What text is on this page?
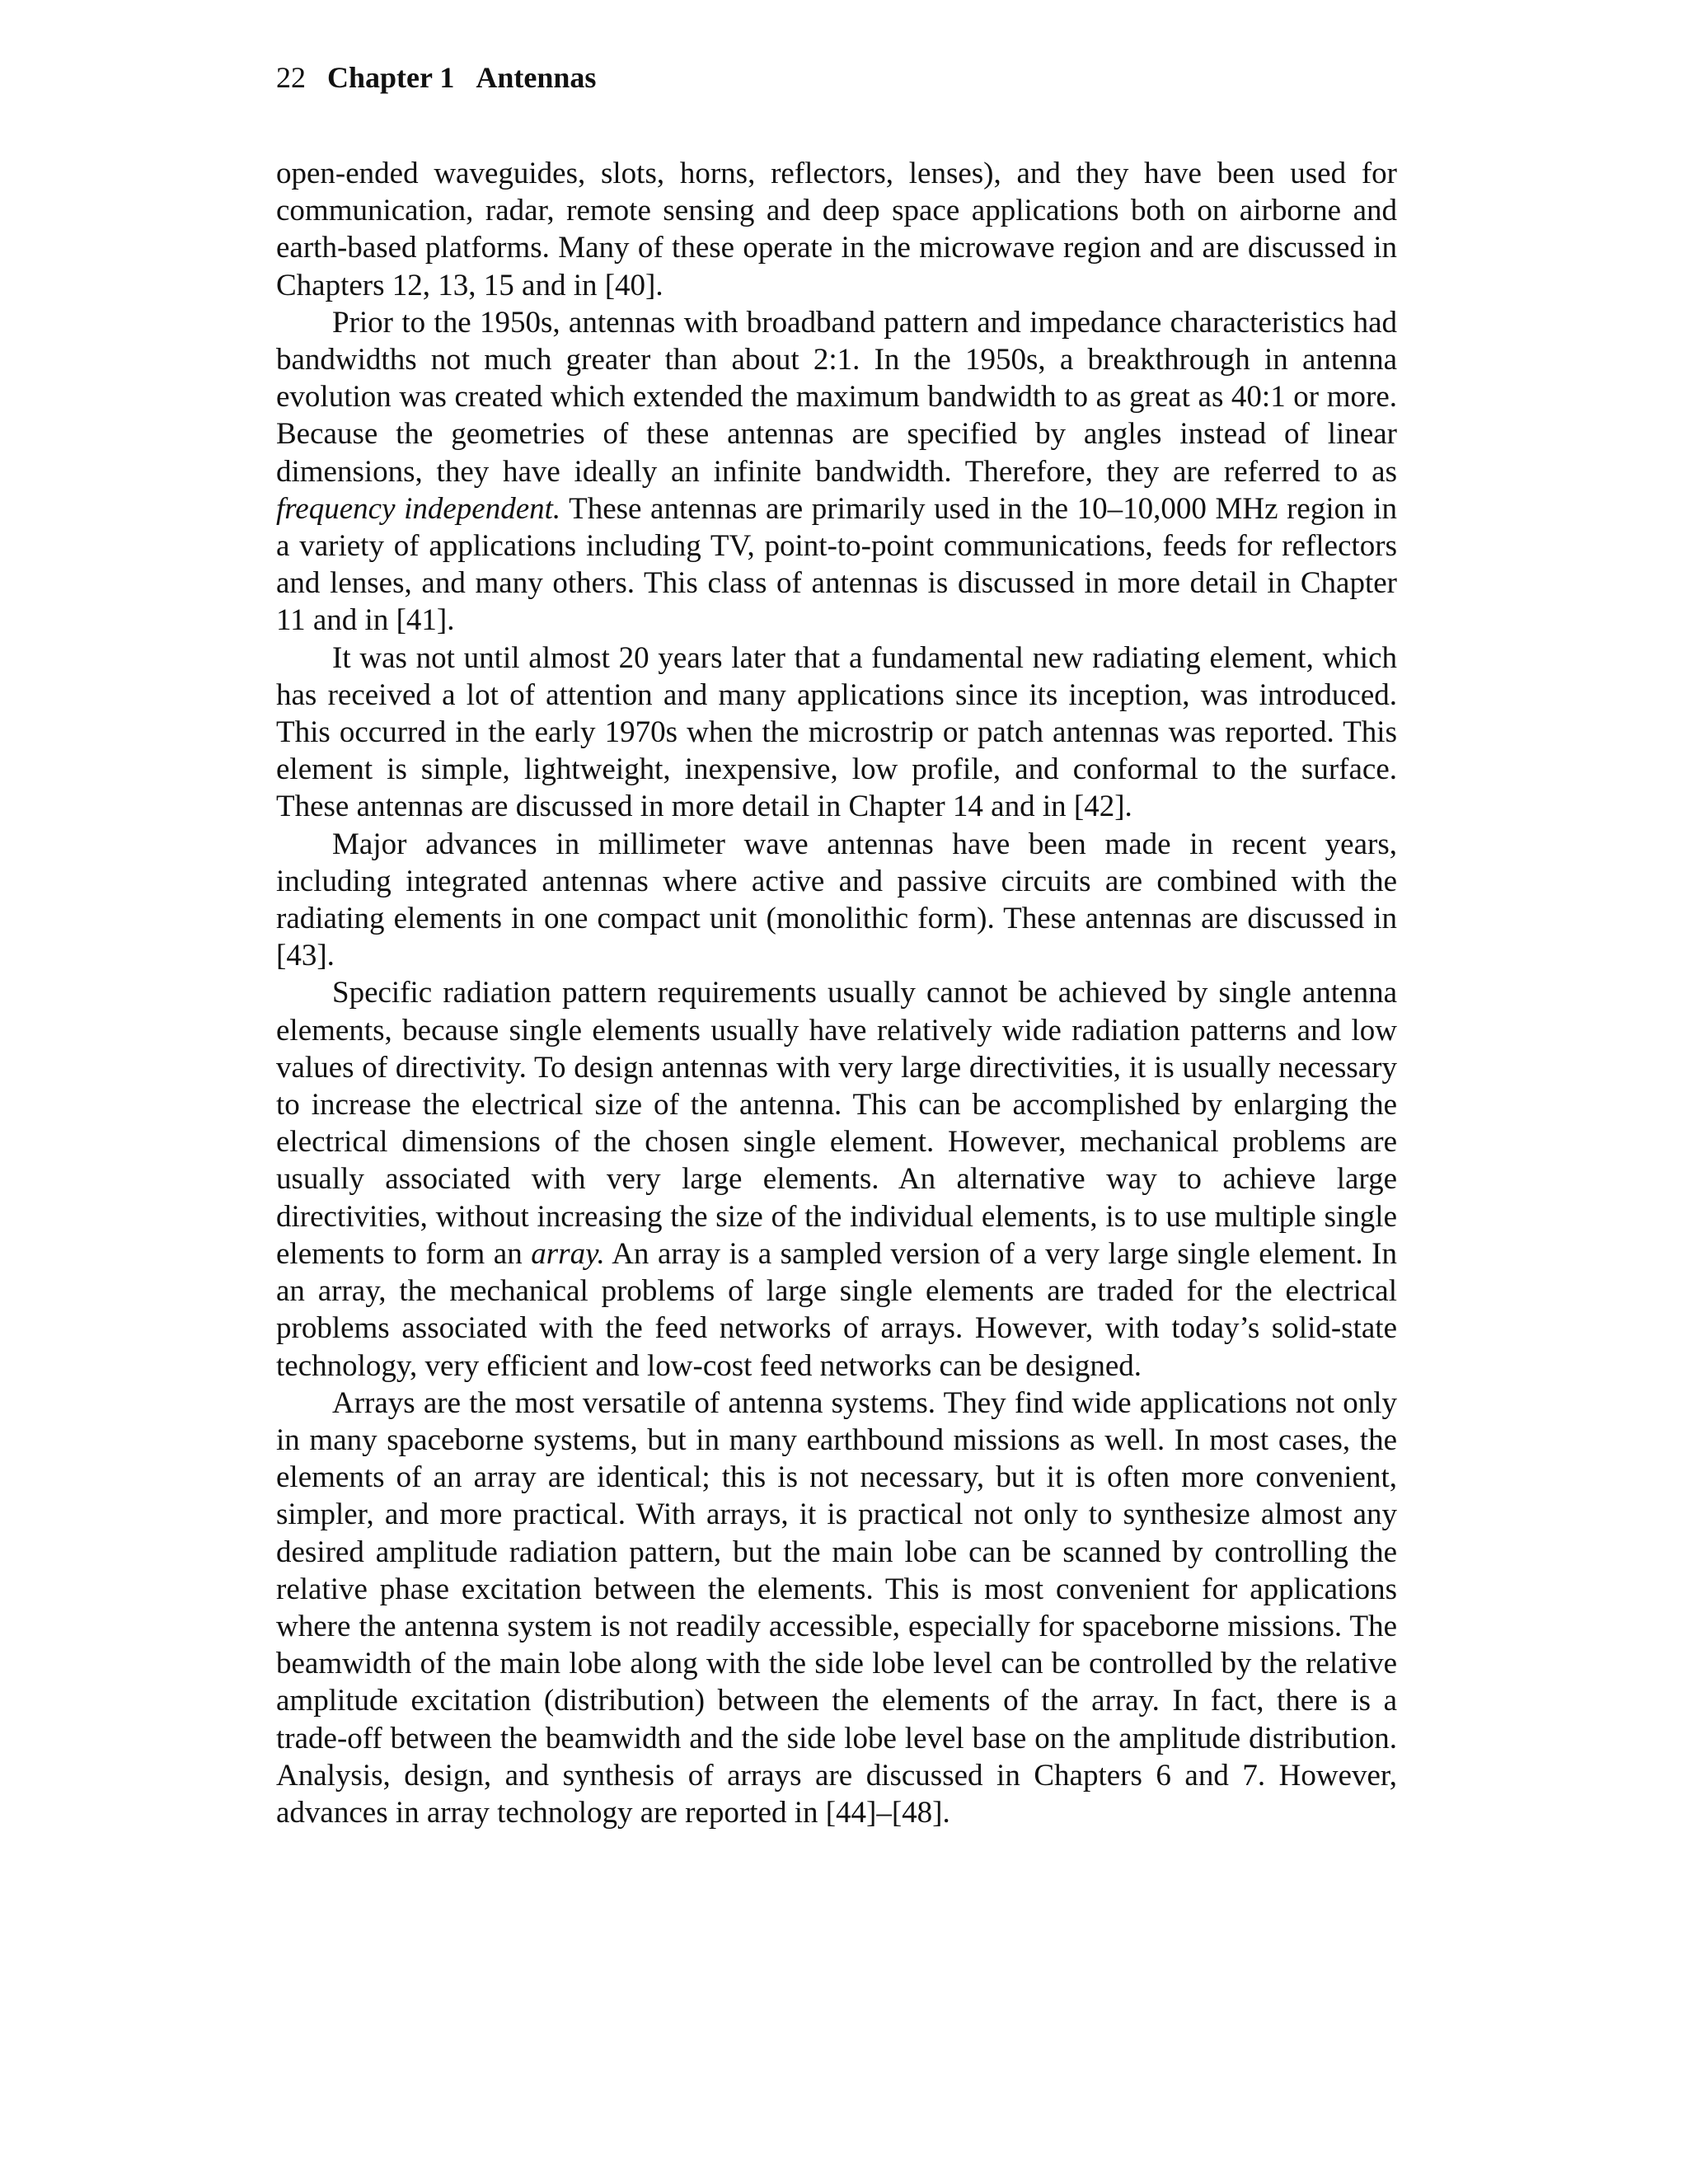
22 Chapter 1 Antennas

open-ended waveguides, slots, horns, reflectors, lenses), and they have been used for communication, radar, remote sensing and deep space applications both on airborne and earth-based platforms. Many of these operate in the microwave region and are discussed in Chapters 12, 13, 15 and in [40].

Prior to the 1950s, antennas with broadband pattern and impedance characteristics had bandwidths not much greater than about 2:1. In the 1950s, a breakthrough in antenna evolution was created which extended the maximum bandwidth to as great as 40:1 or more. Because the geometries of these antennas are specified by angles instead of linear dimensions, they have ideally an infinite bandwidth. Therefore, they are referred to as frequency independent. These antennas are primarily used in the 10–10,000 MHz region in a variety of applications including TV, point-to-point communications, feeds for reflectors and lenses, and many others. This class of antennas is discussed in more detail in Chapter 11 and in [41].

It was not until almost 20 years later that a fundamental new radiating element, which has received a lot of attention and many applications since its inception, was introduced. This occurred in the early 1970s when the microstrip or patch antennas was reported. This element is simple, lightweight, inexpensive, low profile, and conformal to the surface. These antennas are discussed in more detail in Chapter 14 and in [42].

Major advances in millimeter wave antennas have been made in recent years, including integrated antennas where active and passive circuits are combined with the radiating elements in one compact unit (monolithic form). These antennas are discussed in [43].

Specific radiation pattern requirements usually cannot be achieved by single antenna elements, because single elements usually have relatively wide radiation patterns and low values of directivity. To design antennas with very large directivities, it is usually necessary to increase the electrical size of the antenna. This can be accomplished by enlarging the electrical dimensions of the chosen single element. However, mechanical problems are usually associated with very large elements. An alternative way to achieve large directivities, without increasing the size of the individual elements, is to use multiple single elements to form an array. An array is a sampled version of a very large single element. In an array, the mechanical problems of large single elements are traded for the electrical problems associated with the feed networks of arrays. However, with today’s solid-state technology, very efficient and low-cost feed networks can be designed.

Arrays are the most versatile of antenna systems. They find wide applications not only in many spaceborne systems, but in many earthbound missions as well. In most cases, the elements of an array are identical; this is not necessary, but it is often more convenient, simpler, and more practical. With arrays, it is practical not only to synthesize almost any desired amplitude radiation pattern, but the main lobe can be scanned by controlling the relative phase excitation between the elements. This is most convenient for applications where the antenna system is not readily accessible, especially for spaceborne missions. The beamwidth of the main lobe along with the side lobe level can be controlled by the relative amplitude excitation (distribution) between the elements of the array. In fact, there is a trade-off between the beamwidth and the side lobe level base on the amplitude distribution. Analysis, design, and synthesis of arrays are discussed in Chapters 6 and 7. However, advances in array technology are reported in [44]–[48].
